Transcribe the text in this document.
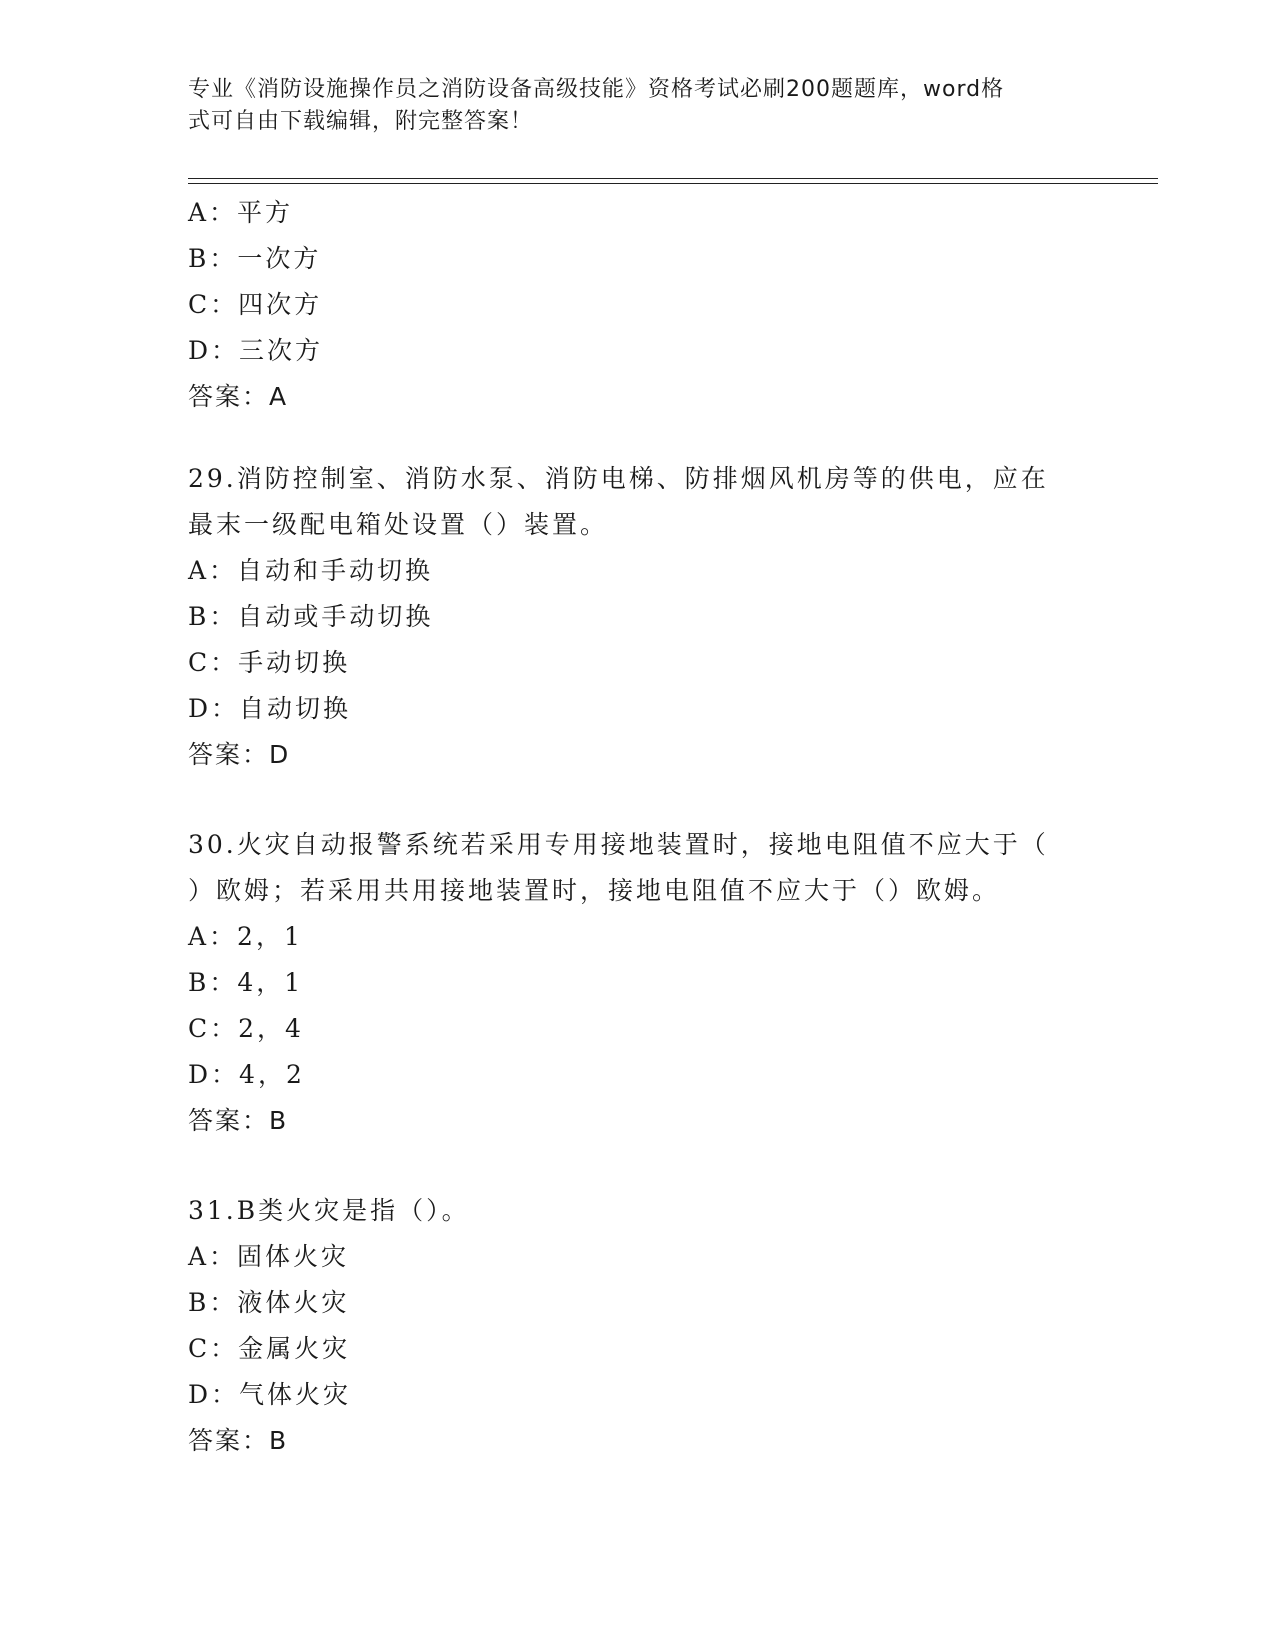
专业《消防设施操作员之消防设备高级技能》资格考试必刷200题题库，word格
式可自由下载编辑，附完整答案！
A：平方
B：一次方
C：四次方
D：三次方
答案：A
29.消防控制室、消防水泵、消防电梯、防排烟风机房等的供电，应在
最末一级配电箱处设置（）装置。
A：自动和手动切换
B：自动或手动切换
C：手动切换
D：自动切换
答案：D
30.火灾自动报警系统若采用专用接地装置时，接地电阻值不应大于（
）欧姆；若采用共用接地装置时，接地电阻值不应大于（）欧姆。
A：2，1
B：4，1
C：2，4
D：4，2
答案：B
31.B类火灾是指（）。
A：固体火灾
B：液体火灾
C：金属火灾
D：气体火灾
答案：B
